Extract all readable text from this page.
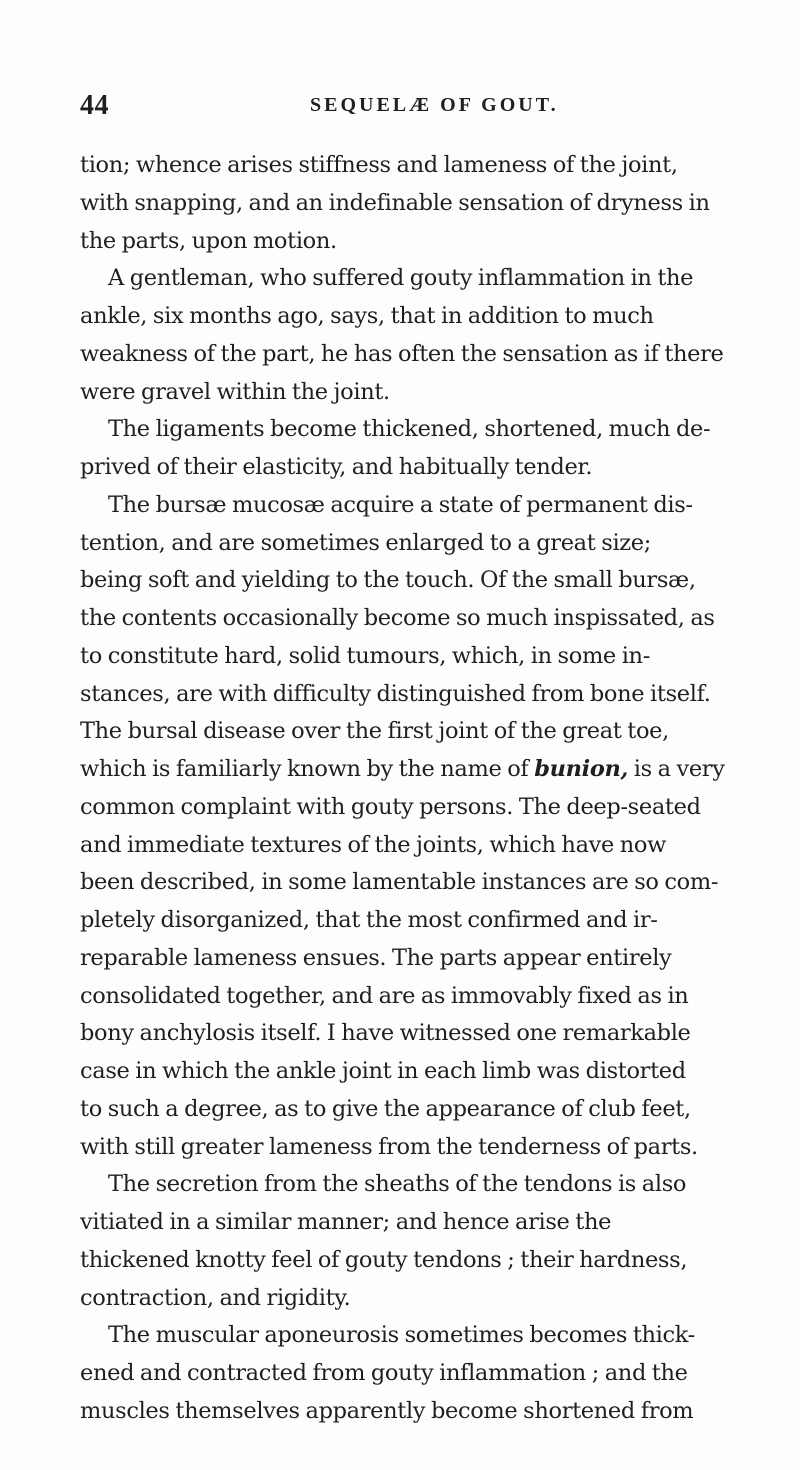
44	SEQUELÆ OF GOUT.
tion; whence arises stiffness and lameness of the joint,
with snapping, and an indefinable sensation of dryness in
the parts, upon motion.
A gentleman, who suffered gouty inflammation in the
ankle, six months ago, says, that in addition to much
weakness of the part, he has often the sensation as if there
were gravel within the joint.
The ligaments become thickened, shortened, much de-
prived of their elasticity, and habitually tender.
The bursæ mucosæ acquire a state of permanent dis-
tention, and are sometimes enlarged to a great size;
being soft and yielding to the touch. Of the small bursæ,
the contents occasionally become so much inspissated, as
to constitute hard, solid tumours, which, in some in-
stances, are with difficulty distinguished from bone itself.
The bursal disease over the first joint of the great toe,
which is familiarly known by the name of bunion, is a very
common complaint with gouty persons. The deep-seated
and immediate textures of the joints, which have now
been described, in some lamentable instances are so com-
pletely disorganized, that the most confirmed and ir-
reparable lameness ensues. The parts appear entirely
consolidated together, and are as immovably fixed as in
bony anchylosis itself. I have witnessed one remarkable
case in which the ankle joint in each limb was distorted
to such a degree, as to give the appearance of club feet,
with still greater lameness from the tenderness of parts.
The secretion from the sheaths of the tendons is also
vitiated in a similar manner; and hence arise the
thickened knotty feel of gouty tendons ; their hardness,
contraction, and rigidity.
The muscular aponeurosis sometimes becomes thick-
ened and contracted from gouty inflammation ; and the
muscles themselves apparently become shortened from
